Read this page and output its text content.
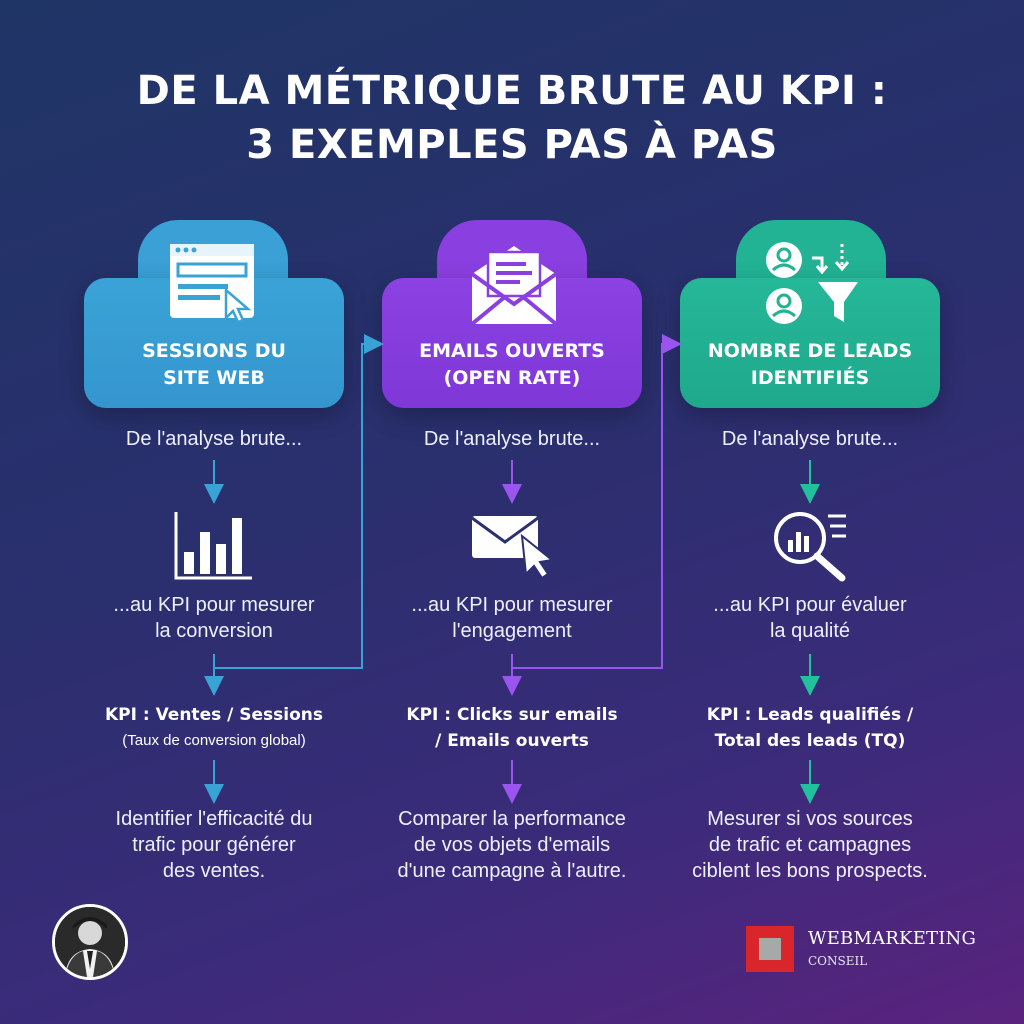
DE LA MÉTRIQUE BRUTE AU KPI :
3 EXEMPLES PAS À PAS
SESSIONS DU
SITE WEB
EMAILS OUVERTS
(OPEN RATE)
NOMBRE DE LEADS
IDENTIFIÉS
De l'analyse brute...
...au KPI pour mesurer
la conversion
KPI : Ventes / Sessions
(Taux de conversion global)
Identifier l'efficacité du
trafic pour générer
des ventes.
De l'analyse brute...
...au KPI pour mesurer
l'engagement
KPI : Clicks sur emails
/ Emails ouverts
Comparer la performance
de vos objets d'emails
d'une campagne à l'autre.
De l'analyse brute...
...au KPI pour évaluer
la qualité
KPI : Leads qualifiés /
Total des leads (TQ)
Mesurer si vos sources
de trafic et campagnes
ciblent les bons prospects.
WEBMARKETING
CONSEIL
